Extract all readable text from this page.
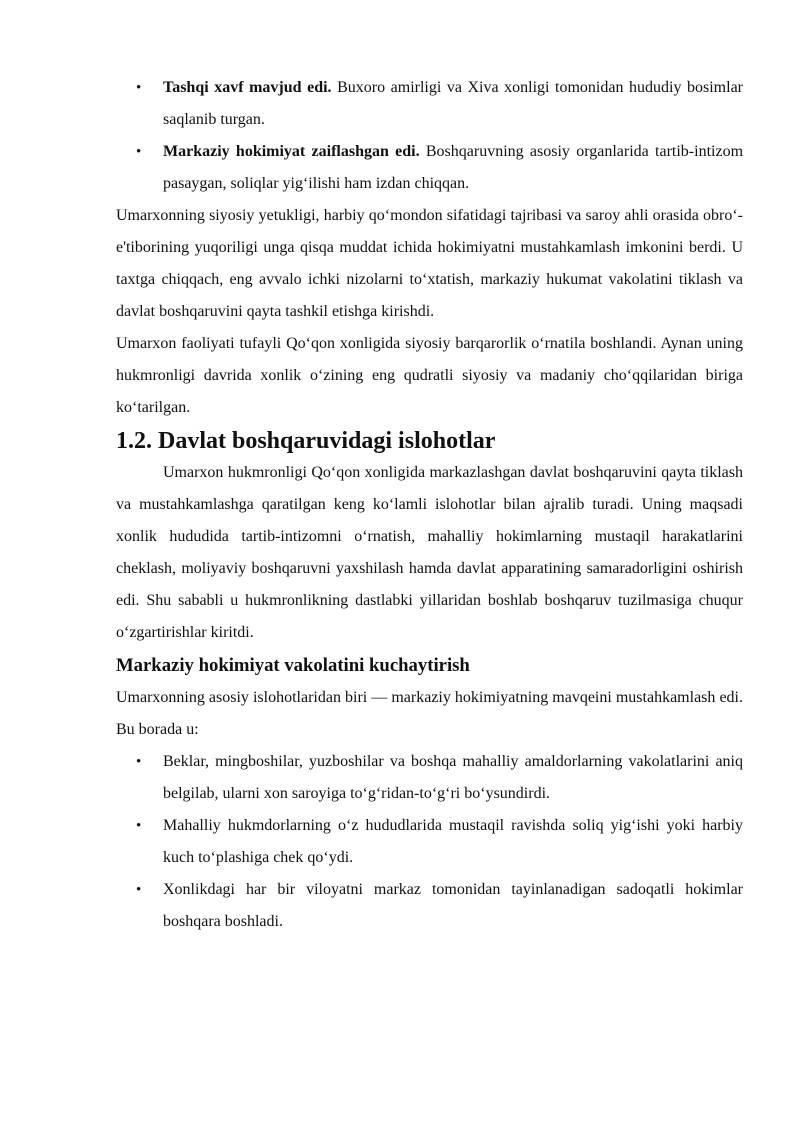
• Tashqi xavf mavjud edi. Buxoro amirligi va Xiva xonligi tomonidan hududiy bosimlar saqlanib turgan.
• Markaziy hokimiyat zaiflashgan edi. Boshqaruvning asosiy organlarida tartib-intizom pasaygan, soliqlar yig‘ilishi ham izdan chiqqan.

Umarxonning siyosiy yetukligi, harbiy qo‘mondon sifatidagi tajribasi va saroy ahli orasida obro‘-e'tiborining yuqoriligi unga qisqa muddat ichida hokimiyatni mustahkamlash imkonini berdi. U taxtga chiqqach, eng avvalo ichki nizolarni to‘xtatish, markaziy hukumat vakolatini tiklash va davlat boshqaruvini qayta tashkil etishga kirishdi.

Umarxon faoliyati tufayli Qo‘qon xonligida siyosiy barqarorlik o‘rnatila boshlandi. Aynan uning hukmronligi davrida xonlik o‘zining eng qudratli siyosiy va madaniy cho‘qqilaridan biriga ko‘tarilgan.

1.2. Davlat boshqaruvidagi islohotlar

Umarxon hukmronligi Qo‘qon xonligida markazlashgan davlat boshqaruvini qayta tiklash va mustahkamlashga qaratilgan keng ko‘lamli islohotlar bilan ajralib turadi. Uning maqsadi xonlik hududida tartib-intizomni o‘rnatish, mahalliy hokimlarning mustaqil harakatlarini cheklash, moliyaviy boshqaruvni yaxshilash hamda davlat apparatining samaradorligini oshirish edi. Shu sababli u hukmronlikning dastlabki yillaridan boshlab boshqaruv tuzilmasiga chuqur o‘zgartirishlar kiritdi.

Markaziy hokimiyat vakolatini kuchaytirish

Umarxonning asosiy islohotlaridan biri — markaziy hokimiyatning mavqeini mustahkamlash edi. Bu borada u:

• Beklar, mingboshilar, yuzboshilar va boshqa mahalliy amaldorlarning vakolatlarini aniq belgilab, ularni xon saroyiga to‘g‘ridan-to‘g‘ri bo‘ysundirdi.
• Mahalliy hukmdorlarning o‘z hududlarida mustaqil ravishda soliq yig‘ishi yoki harbiy kuch to‘plashiga chek qo‘ydi.
• Xonlikdagi har bir viloyatni markaz tomonidan tayinlanadigan sadoqatli hokimlar boshqara boshladi.
